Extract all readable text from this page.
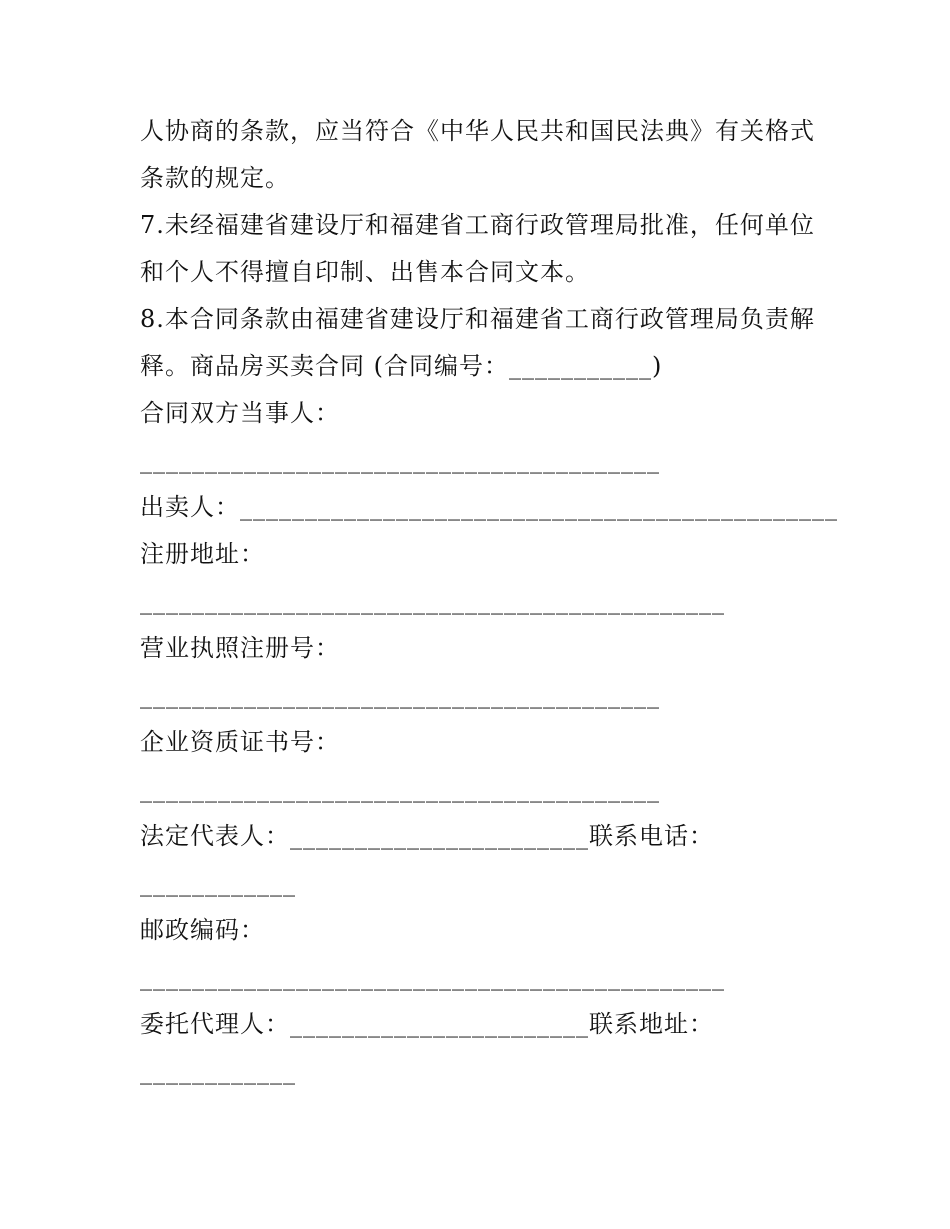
人协商的条款，应当符合《中华人民共和国民法典》有关格式
条款的规定。
7.未经福建省建设厅和福建省工商行政管理局批准，任何单位
和个人不得擅自印制、出售本合同文本。
8.本合同条款由福建省建设厅和福建省工商行政管理局负责解
释。商品房买卖合同 (合同编号：___________)
合同双方当事人：
________________________________________
出卖人：______________________________________________
注册地址：
_____________________________________________
营业执照注册号：
________________________________________
企业资质证书号：
________________________________________
法定代表人：_______________________联系电话：
____________
邮政编码：
_____________________________________________
委托代理人：_______________________联系地址：
____________
